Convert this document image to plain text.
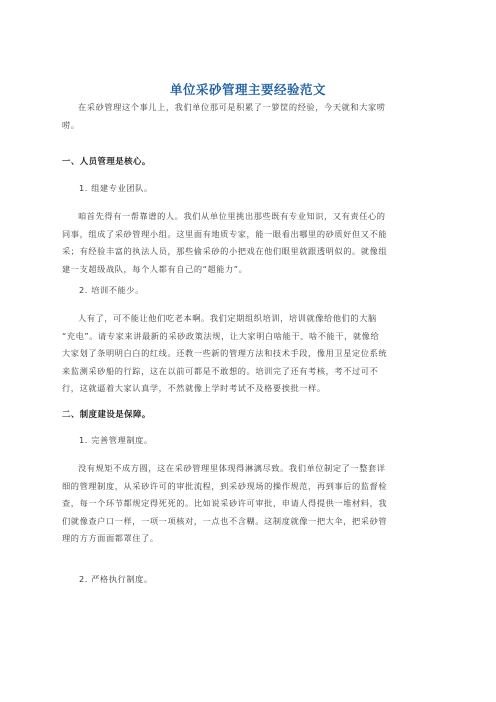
单位采砂管理主要经验范文

在采砂管理这个事儿上，我们单位那可是积累了一箩筐的经验，今天就和大家唠
唠。

一、人员管理是核心。
1. 组建专业团队。

咱首先得有一帮靠谱的人。我们从单位里挑出那些既有专业知识，又有责任心的
同事，组成了采砂管理小组。这里面有地质专家，能一眼看出哪里的砂质好但又不能
采；有经验丰富的执法人员，那些偷采砂的小把戏在他们眼里就跟透明似的。就像组
建一支超级战队，每个人都有自己的“超能力”。

2. 培训不能少。

人有了，可不能让他们吃老本啊。我们定期组织培训，培训就像给他们的大脑
“充电”。请专家来讲最新的采砂政策法规，让大家明白啥能干、啥不能干，就像给
大家划了条明明白白的红线。还教一些新的管理方法和技术手段，像用卫星定位系统
来监测采砂船的行踪，这在以前可都是不敢想的。培训完了还有考核，考不过可不
行，这就逼着大家认真学，不然就像上学时考试不及格要挨批一样。

二、制度建设是保障。
1. 完善管理制度。

没有规矩不成方圆，这在采砂管理里体现得淋漓尽致。我们单位制定了一整套详
细的管理制度，从采砂许可的审批流程，到采砂现场的操作规范，再到事后的监督检
查，每一个环节都规定得死死的。比如说采砂许可审批，申请人得提供一堆材料，我
们就像查户口一样，一项一项核对，一点也不含糊。这制度就像一把大伞，把采砂管
理的方方面面都罩住了。

2. 严格执行制度。
